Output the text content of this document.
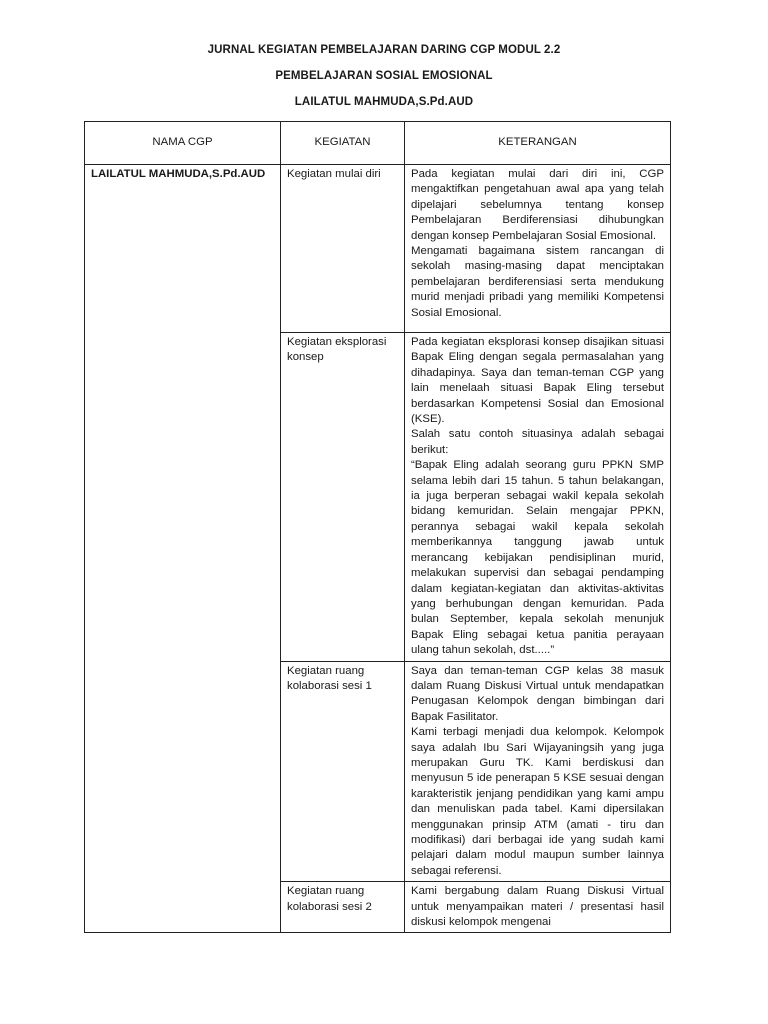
JURNAL KEGIATAN PEMBELAJARAN DARING CGP MODUL 2.2
PEMBELAJARAN SOSIAL EMOSIONAL
LAILATUL MAHMUDA,S.Pd.AUD
NAMA CGP	KEGIATAN	KETERANGAN
LAILATUL MAHMUDA,S.Pd.AUD	Kegiatan mulai diri	Pada kegiatan mulai dari diri ini, CGP mengaktifkan pengetahuan awal apa yang telah dipelajari sebelumnya tentang konsep Pembelajaran Berdiferensiasi dihubungkan dengan konsep Pembelajaran Sosial Emosional.

Mengamati bagaimana sistem rancangan di sekolah masing-masing dapat menciptakan pembelajaran berdiferensiasi serta mendukung murid menjadi pribadi yang memiliki Kompetensi Sosial Emosional.

	Kegiatan eksplorasi konsep	Pada kegiatan eksplorasi konsep disajikan situasi Bapak Eling dengan segala permasalahan yang dihadapinya. Saya dan teman-teman CGP yang lain menelaah situasi Bapak Eling tersebut berdasarkan Kompetensi Sosial dan Emosional (KSE).

Salah satu contoh situasinya adalah sebagai berikut:

“Bapak Eling adalah seorang guru PPKN SMP selama lebih dari 15 tahun. 5 tahun belakangan, ia juga berperan sebagai wakil kepala sekolah bidang kemuridan. Selain mengajar PPKN, perannya sebagai wakil kepala sekolah memberikannya tanggung jawab untuk merancang kebijakan pendisiplinan murid, melakukan supervisi dan sebagai pendamping dalam kegiatan-kegiatan dan aktivitas-aktivitas yang berhubungan dengan kemuridan. Pada bulan September, kepala sekolah menunjuk Bapak Eling sebagai ketua panitia perayaan ulang tahun sekolah, dst.....”

	Kegiatan ruang kolaborasi sesi 1	Saya dan teman-teman CGP kelas 38 masuk dalam Ruang Diskusi Virtual untuk mendapatkan Penugasan Kelompok dengan bimbingan dari Bapak Fasilitator.

Kami terbagi menjadi dua kelompok. Kelompok saya adalah Ibu Sari Wijayaningsih yang juga merupakan Guru TK. Kami berdiskusi dan menyusun 5 ide penerapan 5 KSE sesuai dengan karakteristik jenjang pendidikan yang kami ampu dan menuliskan pada tabel. Kami dipersilakan menggunakan prinsip ATM (amati - tiru dan modifikasi) dari berbagai ide yang sudah kami pelajari dalam modul maupun sumber lainnya sebagai referensi.

	Kegiatan ruang kolaborasi sesi 2	Kami bergabung dalam Ruang Diskusi Virtual untuk menyampaikan materi / presentasi hasil diskusi kelompok mengenai
